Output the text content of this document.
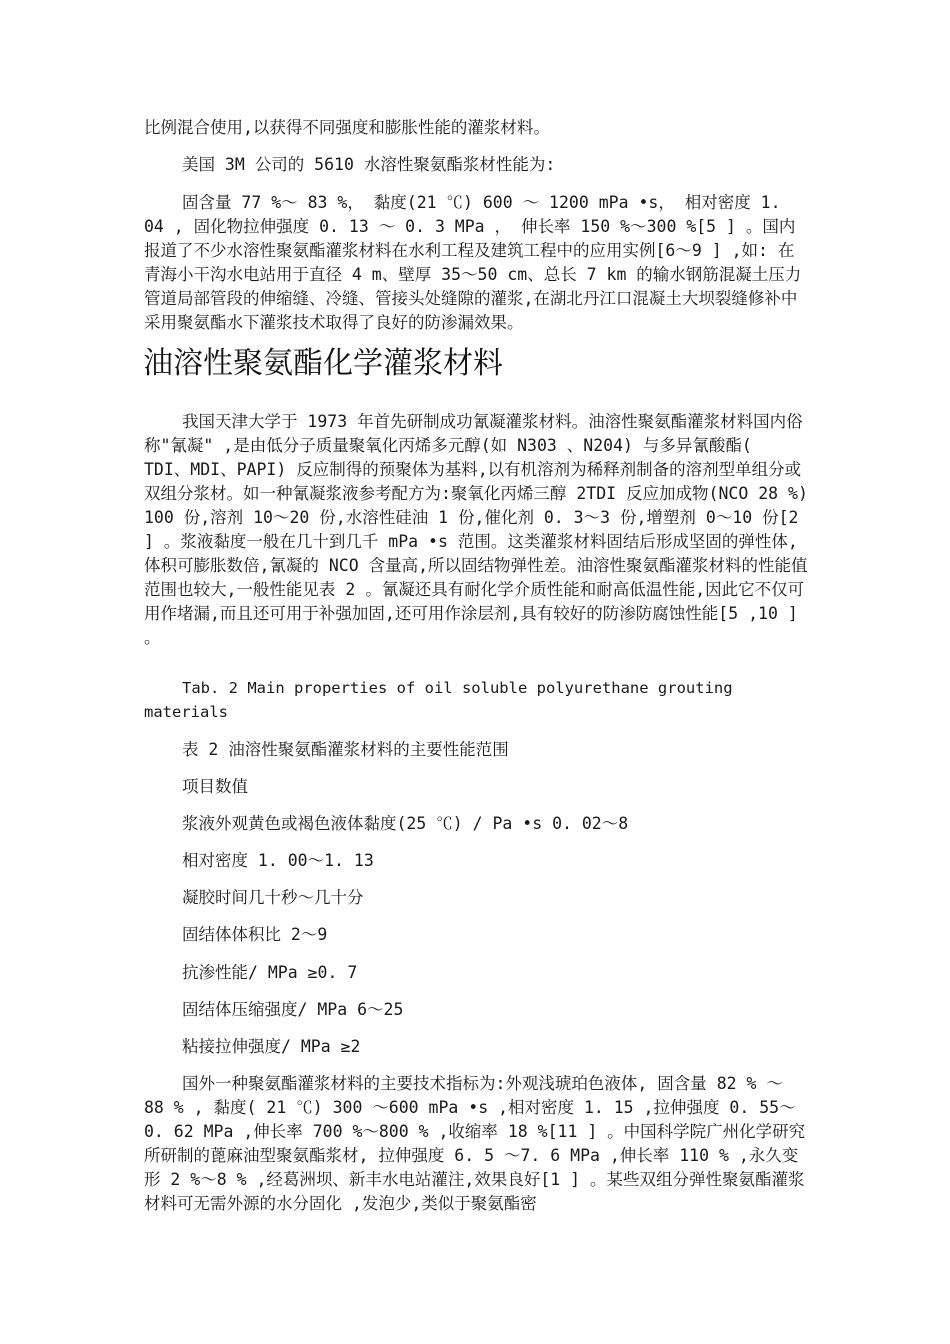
比例混合使用,以获得不同强度和膨胀性能的灌浆材料。

美国 3M 公司的 5610 水溶性聚氨酯浆材性能为:

固含量 77 %～ 83 %， 黏度(21 ℃) 600 ～ 1200 mPa •s， 相对密度 1. 04 , 固化物拉伸强度 0. 13 ～ 0. 3 MPa ， 伸长率 150 %～300 %[5 ] 。国内报道了不少水溶性聚氨酯灌浆材料在水利工程及建筑工程中的应用实例[6～9 ] ,如: 在青海小干沟水电站用于直径 4 m、壁厚 35～50 cm、总长 7 km 的输水钢筋混凝土压力管道局部管段的伸缩缝、冷缝、管接头处缝隙的灌浆,在湖北丹江口混凝土大坝裂缝修补中采用聚氨酯水下灌浆技术取得了良好的防渗漏效果。

油溶性聚氨酯化学灌浆材料

我国天津大学于 1973 年首先研制成功氰凝灌浆材料。油溶性聚氨酯灌浆材料国内俗称"氰凝" ,是由低分子质量聚氧化丙烯多元醇(如 N303 、N204) 与多异氰酸酯( TDI、MDI、PAPI) 反应制得的预聚体为基料,以有机溶剂为稀释剂制备的溶剂型单组分或双组分浆材。如一种氰凝浆液参考配方为:聚氧化丙烯三醇 2TDI 反应加成物(NCO 28 %) 100 份,溶剂 10～20 份,水溶性硅油 1 份,催化剂 0. 3～3 份,增塑剂 0～10 份[2 ] 。浆液黏度一般在几十到几千 mPa •s 范围。这类灌浆材料固结后形成坚固的弹性体,体积可膨胀数倍,氰凝的 NCO 含量高,所以固结物弹性差。油溶性聚氨酯灌浆材料的性能值范围也较大,一般性能见表 2 。氰凝还具有耐化学介质性能和耐高低温性能,因此它不仅可用作堵漏,而且还可用于补强加固,还可用作涂层剂,具有较好的防渗防腐蚀性能[5 ,10 ] 。

Tab. 2 Main properties of oil soluble polyurethane grouting materials

表 2 油溶性聚氨酯灌浆材料的主要性能范围

项目数值

浆液外观黄色或褐色液体黏度(25 ℃) / Pa •s 0. 02～8

相对密度 1. 00～1. 13

凝胶时间几十秒～几十分

固结体体积比 2～9

抗渗性能/ MPa ≥0. 7

固结体压缩强度/ MPa 6～25

粘接拉伸强度/ MPa ≥2

国外一种聚氨酯灌浆材料的主要技术指标为:外观浅琥珀色液体, 固含量 82 % ～ 88 % , 黏度( 21 ℃) 300 ～600 mPa •s ,相对密度 1. 15 ,拉伸强度 0. 55～0. 62 MPa ,伸长率 700 %～800 % ,收缩率 18 %[11 ] 。中国科学院广州化学研究所研制的蓖麻油型聚氨酯浆材, 拉伸强度 6. 5 ～7. 6 MPa ,伸长率 110 % ,永久变形 2 %～8 % ,经葛洲坝、新丰水电站灌注,效果良好[1 ] 。某些双组分弹性聚氨酯灌浆材料可无需外源的水分固化 ,发泡少,类似于聚氨酯密
